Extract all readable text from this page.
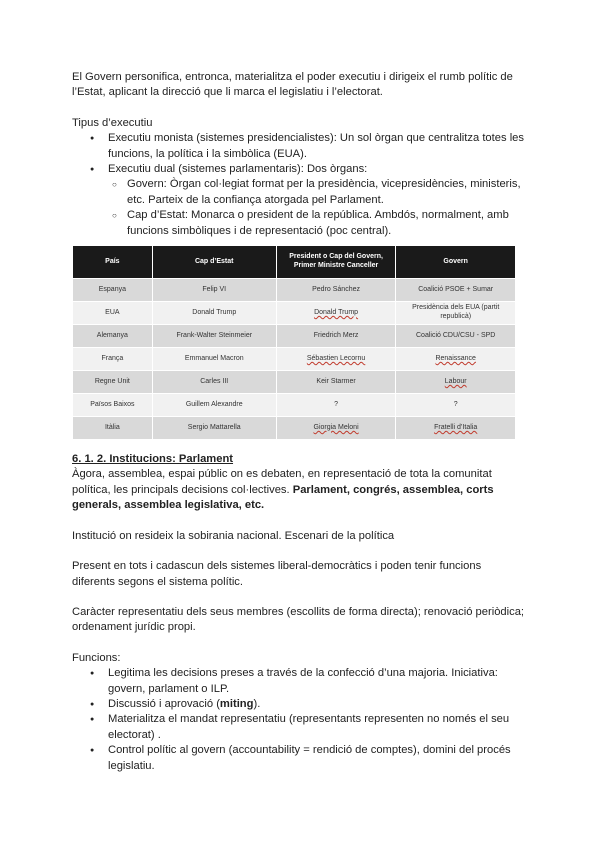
El Govern personifica, entronca, materialitza el poder executiu i dirigeix el rumb polític de l’Estat, aplicant la direcció que li marca el legislatiu i l’electorat.

Tipus d’executiu

● Executiu monista (sistemes presidencialistes): Un sol òrgan que centralitza totes les funcions, la política i la simbòlica (EUA).
● Executiu dual (sistemes parlamentaris): Dos òrgans:
○ Govern: Òrgan col·legiat format per la presidència, vicepresidències, ministeris, etc. Parteix de la confiança atorgada pel Parlament.
○ Cap d’Estat: Monarca o president de la república. Ambdós, normalment, amb funcions simbòliques i de representació (poc central).
País	Cap d’Estat	President o Cap del Govern, Primer Ministre Canceller	Govern
Espanya	Felip VI	Pedro Sánchez	Coalició PSOE + Sumar
EUA	Donald Trump	Donald Trump	Presidència dels EUA (partit republicà)
Alemanya	Frank-Walter Steinmeier	Friedrich Merz	Coalició CDU/CSU - SPD
França	Emmanuel Macron	Sébastien Lecornu	Renaissance
Regne Unit	Carles III	Keir Starmer	Labour
Països Baixos	Guillem Alexandre	?	?
Itàlia	Sergio Mattarella	Giorgia Meloni	Fratelli d’Italia

6. 1. 2. Institucions: Parlament

Àgora, assemblea, espai públic on es debaten, en representació de tota la comunitat política, les principals decisions col·lectives. Parlament, congrés, assemblea, corts generals, assemblea legislativa, etc.

Institució on resideix la sobirania nacional. Escenari de la política

Present en tots i cadascun dels sistemes liberal-democràtics i poden tenir funcions diferents segons el sistema polític.

Caràcter representatiu dels seus membres (escollits de forma directa); renovació periòdica; ordenament jurídic propi.

Funcions:

● Legitima les decisions preses a través de la confecció d’una majoria. Iniciativa: govern, parlament o ILP.
● Discussió i aprovació (miting).
● Materialitza el mandat representatiu (representants representen no només el seu electorat) .
● Control polític al govern (accountability = rendició de comptes), domini del procés legislatiu.
